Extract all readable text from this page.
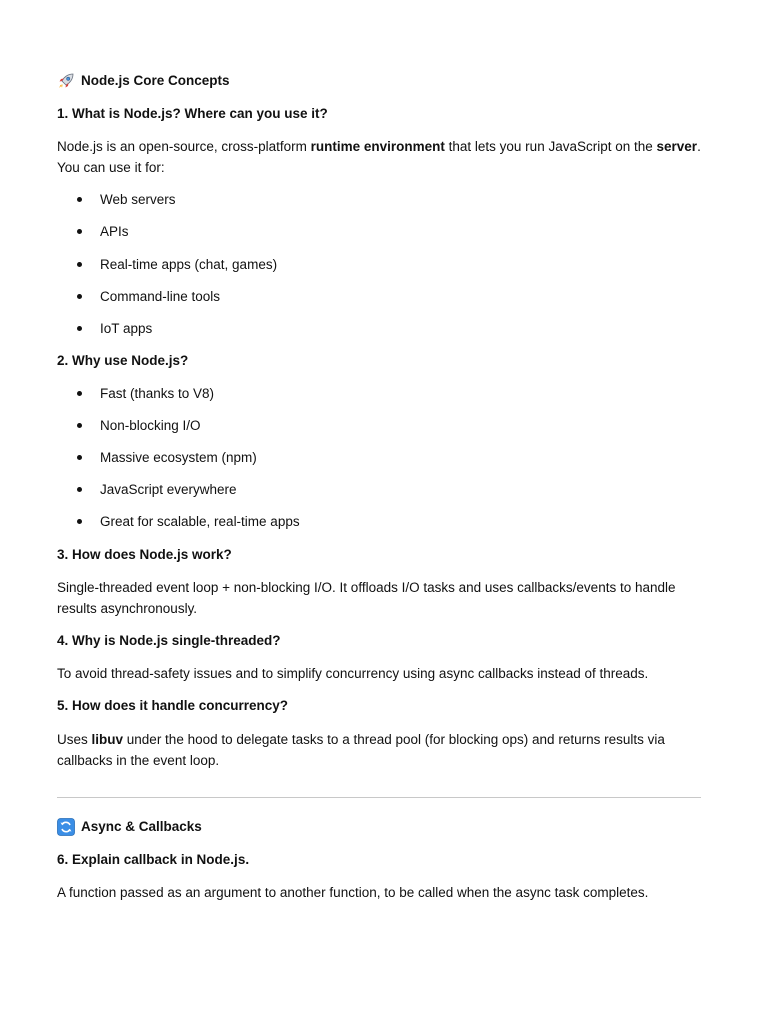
Node.js Core Concepts
1. What is Node.js? Where can you use it?
Node.js is an open-source, cross-platform runtime environment that lets you run JavaScript on the server. You can use it for:
Web servers
APIs
Real-time apps (chat, games)
Command-line tools
IoT apps
2. Why use Node.js?
Fast (thanks to V8)
Non-blocking I/O
Massive ecosystem (npm)
JavaScript everywhere
Great for scalable, real-time apps
3. How does Node.js work?
Single-threaded event loop + non-blocking I/O. It offloads I/O tasks and uses callbacks/events to handle results asynchronously.
4. Why is Node.js single-threaded?
To avoid thread-safety issues and to simplify concurrency using async callbacks instead of threads.
5. How does it handle concurrency?
Uses libuv under the hood to delegate tasks to a thread pool (for blocking ops) and returns results via callbacks in the event loop.
Async & Callbacks
6. Explain callback in Node.js.
A function passed as an argument to another function, to be called when the async task completes.
